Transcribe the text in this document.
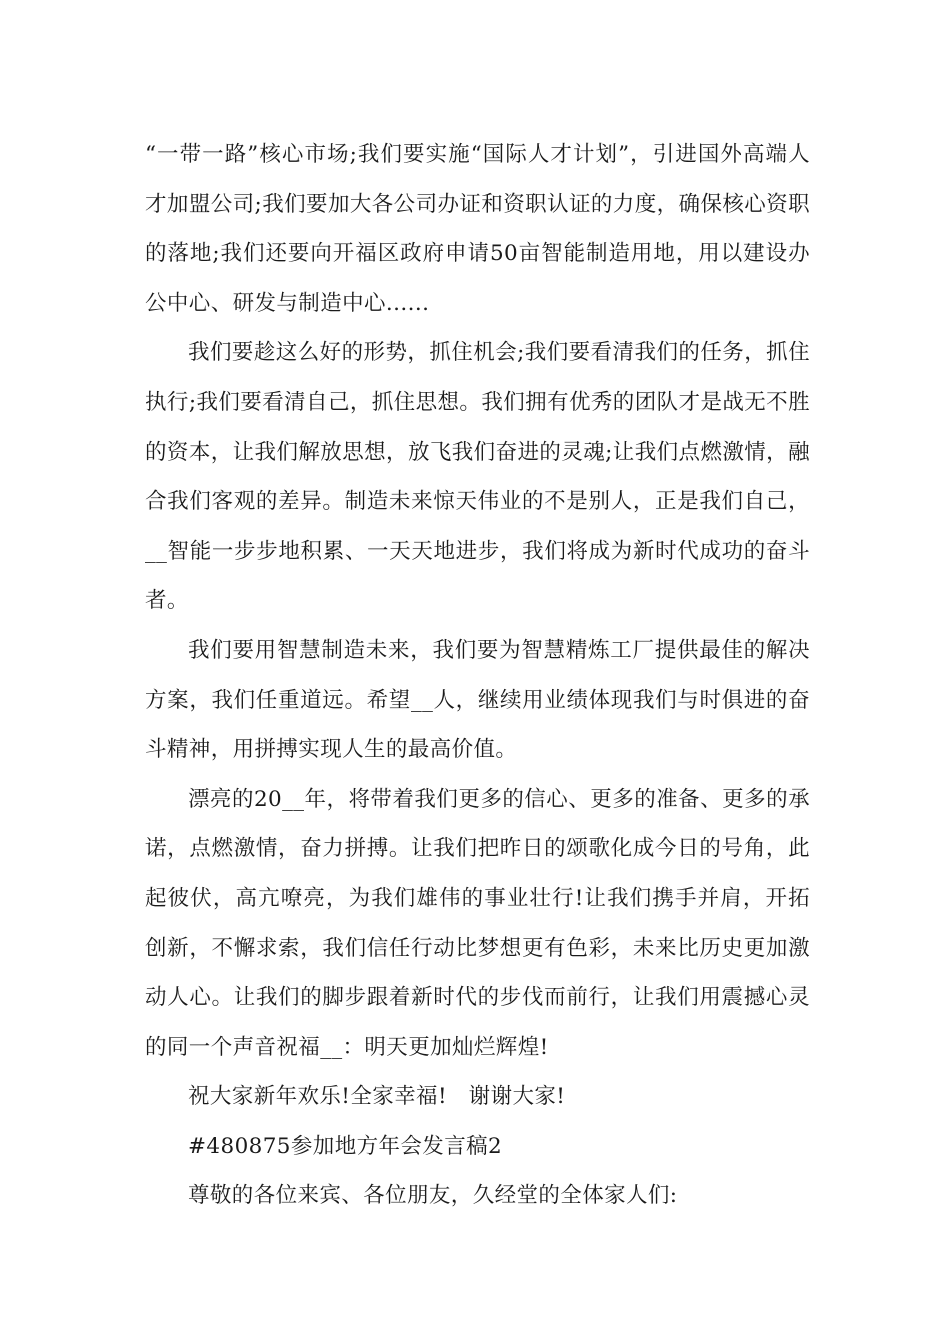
“一带一路”核心市场;我们要实施“国际人才计划”，引进国外高端人才加盟公司;我们要加大各公司办证和资职认证的力度，确保核心资职的落地;我们还要向开福区政府申请50亩智能制造用地，用以建设办公中心、研发与制造中心......

我们要趁这么好的形势，抓住机会;我们要看清我们的任务，抓住执行;我们要看清自己，抓住思想。我们拥有优秀的团队才是战无不胜的资本，让我们解放思想，放飞我们奋进的灵魂;让我们点燃激情，融合我们客观的差异。制造未来惊天伟业的不是别人，正是我们自己，__智能一步步地积累、一天天地进步，我们将成为新时代成功的奋斗者。

我们要用智慧制造未来，我们要为智慧精炼工厂提供最佳的解决方案，我们任重道远。希望__人，继续用业绩体现我们与时俱进的奋斗精神，用拼搏实现人生的最高价值。

漂亮的20__年，将带着我们更多的信心、更多的准备、更多的承诺，点燃激情，奋力拼搏。让我们把昨日的颂歌化成今日的号角，此起彼伏，高亢嘹亮，为我们雄伟的事业壮行!让我们携手并肩，开拓创新，不懈求索，我们信任行动比梦想更有色彩，未来比历史更加激动人心。让我们的脚步跟着新时代的步伐而前行，让我们用震撼心灵的同一个声音祝福__：明天更加灿烂辉煌!

祝大家新年欢乐!全家幸福!   谢谢大家!

#480875参加地方年会发言稿2

尊敬的各位来宾、各位朋友，久经堂的全体家人们:
